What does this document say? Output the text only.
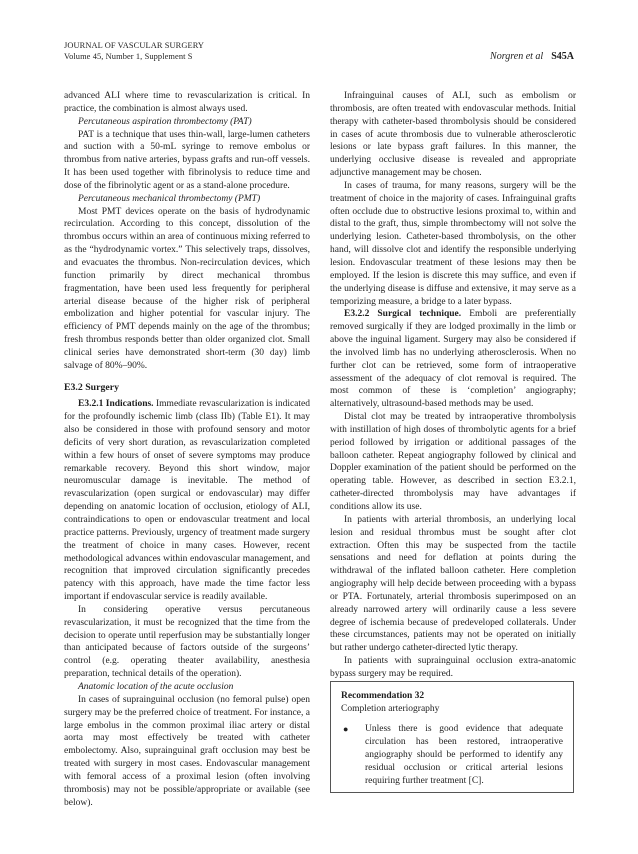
JOURNAL OF VASCULAR SURGERY
Volume 45, Number 1, Supplement S	Norgren et al S45A

advanced ALI where time to revascularization is critical. In practice, the combination is almost always used.

Percutaneous aspiration thrombectomy (PAT)

PAT is a technique that uses thin-wall, large-lumen catheters and suction with a 50-mL syringe to remove embolus or thrombus from native arteries, bypass grafts and run-off vessels. It has been used together with fibrinolysis to reduce time and dose of the fibrinolytic agent or as a stand-alone procedure.

Percutaneous mechanical thrombectomy (PMT)

Most PMT devices operate on the basis of hydrodynamic recirculation. According to this concept, dissolution of the thrombus occurs within an area of continuous mixing referred to as the “hydrodynamic vortex.” This selectively traps, dissolves, and evacuates the thrombus. Non-recirculation devices, which function primarily by direct mechanical thrombus fragmentation, have been used less frequently for peripheral arterial disease because of the higher risk of peripheral embolization and higher potential for vascular injury. The efficiency of PMT depends mainly on the age of the thrombus; fresh thrombus responds better than older organized clot. Small clinical series have demonstrated short-term (30 day) limb salvage of 80%–90%.

E3.2 Surgery

E3.2.1 Indications. Immediate revascularization is indicated for the profoundly ischemic limb (class IIb) (Table E1). It may also be considered in those with profound sensory and motor deficits of very short duration, as revascularization completed within a few hours of onset of severe symptoms may produce remarkable recovery. Beyond this short window, major neuromuscular damage is inevitable. The method of revascularization (open surgical or endovascular) may differ depending on anatomic location of occlusion, etiology of ALI, contraindications to open or endovascular treatment and local practice patterns. Previously, urgency of treatment made surgery the treatment of choice in many cases. However, recent methodological advances within endovascular management, and recognition that improved circulation significantly precedes patency with this approach, have made the time factor less important if endovascular service is readily available.

In considering operative versus percutaneous revascularization, it must be recognized that the time from the decision to operate until reperfusion may be substantially longer than anticipated because of factors outside of the surgeons’ control (e.g. operating theater availability, anesthesia preparation, technical details of the operation).

Anatomic location of the acute occlusion

In cases of suprainguinal occlusion (no femoral pulse) open surgery may be the preferred choice of treatment. For instance, a large embolus in the common proximal iliac artery or distal aorta may most effectively be treated with catheter embolectomy. Also, suprainguinal graft occlusion may best be treated with surgery in most cases. Endovascular management with femoral access of a proximal lesion (often involving thrombosis) may not be possible/appropriate or available (see below).

Infrainguinal causes of ALI, such as embolism or thrombosis, are often treated with endovascular methods. Initial therapy with catheter-based thrombolysis should be considered in cases of acute thrombosis due to vulnerable atherosclerotic lesions or late bypass graft failures. In this manner, the underlying occlusive disease is revealed and appropriate adjunctive management may be chosen.

In cases of trauma, for many reasons, surgery will be the treatment of choice in the majority of cases. Infrainguinal grafts often occlude due to obstructive lesions proximal to, within and distal to the graft, thus, simple thrombectomy will not solve the underlying lesion. Catheter-based thrombolysis, on the other hand, will dissolve clot and identify the responsible underlying lesion. Endovascular treatment of these lesions may then be employed. If the lesion is discrete this may suffice, and even if the underlying disease is diffuse and extensive, it may serve as a temporizing measure, a bridge to a later bypass.

E3.2.2 Surgical technique. Emboli are preferentially removed surgically if they are lodged proximally in the limb or above the inguinal ligament. Surgery may also be considered if the involved limb has no underlying atherosclerosis. When no further clot can be retrieved, some form of intraoperative assessment of the adequacy of clot removal is required. The most common of these is ‘completion’ angiography; alternatively, ultrasound-based methods may be used.

Distal clot may be treated by intraoperative thrombolysis with instillation of high doses of thrombolytic agents for a brief period followed by irrigation or additional passages of the balloon catheter. Repeat angiography followed by clinical and Doppler examination of the patient should be performed on the operating table. However, as described in section E3.2.1, catheter-directed thrombolysis may have advantages if conditions allow its use.

In patients with arterial thrombosis, an underlying local lesion and residual thrombus must be sought after clot extraction. Often this may be suspected from the tactile sensations and need for deflation at points during the withdrawal of the inflated balloon catheter. Here completion angiography will help decide between proceeding with a bypass or PTA. Fortunately, arterial thrombosis superimposed on an already narrowed artery will ordinarily cause a less severe degree of ischemia because of predeveloped collaterals. Under these circumstances, patients may not be operated on initially but rather undergo catheter-directed lytic therapy.

In patients with suprainguinal occlusion extra-anatomic bypass surgery may be required.

Recommendation 32
Completion arteriography
●	Unless there is good evidence that adequate circulation has been restored, intraoperative angiography should be performed to identify any residual occlusion or critical arterial lesions requiring further treatment [C].
